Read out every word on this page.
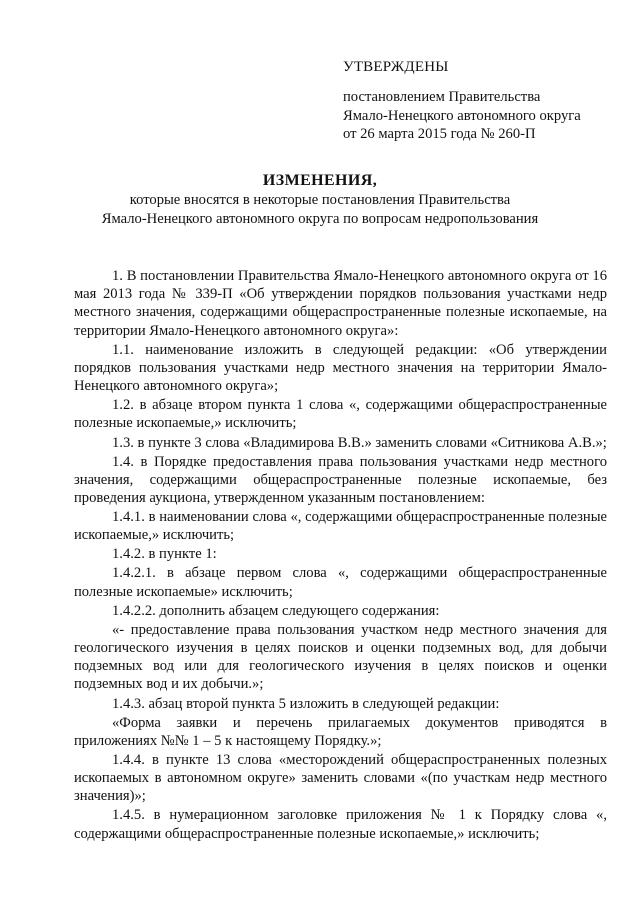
УТВЕРЖДЕНЫ
постановлением Правительства
Ямало-Ненецкого автономного округа
от 26 марта 2015 года № 260-П
ИЗМЕНЕНИЯ,
которые вносятся в некоторые постановления Правительства
Ямало-Ненецкого автономного округа по вопросам недропользования

1. В постановлении Правительства Ямало-Ненецкого автономного округа от 16 мая 2013 года № 339-П «Об утверждении порядков пользования участками недр местного значения, содержащими общераспространенные полезные ископаемые, на территории Ямало-Ненецкого автономного округа»:

1.1. наименование изложить в следующей редакции: «Об утверждении порядков пользования участками недр местного значения на территории Ямало-Ненецкого автономного округа»;

1.2. в абзаце втором пункта 1 слова «, содержащими общераспространенные полезные ископаемые,» исключить;

1.3. в пункте 3 слова «Владимирова В.В.» заменить словами «Ситникова А.В.»;

1.4. в Порядке предоставления права пользования участками недр местного значения, содержащими общераспространенные полезные ископаемые, без проведения аукциона, утвержденном указанным постановлением:

1.4.1. в наименовании слова «, содержащими общераспространенные полезные ископаемые,» исключить;

1.4.2. в пункте 1:

1.4.2.1. в абзаце первом слова «, содержащими общераспространенные полезные ископаемые» исключить;

1.4.2.2. дополнить абзацем следующего содержания:

«- предоставление права пользования участком недр местного значения для геологического изучения в целях поисков и оценки подземных вод, для добычи подземных вод или для геологического изучения в целях поисков и оценки подземных вод и их добычи.»;

1.4.3. абзац второй пункта 5 изложить в следующей редакции:

«Форма заявки и перечень прилагаемых документов приводятся в приложениях №№ 1 – 5 к настоящему Порядку.»;

1.4.4. в пункте 13 слова «месторождений общераспространенных полезных ископаемых в автономном округе» заменить словами «(по участкам недр местного значения)»;

1.4.5. в нумерационном заголовке приложения № 1 к Порядку слова «, содержащими общераспространенные полезные ископаемые,» исключить;
